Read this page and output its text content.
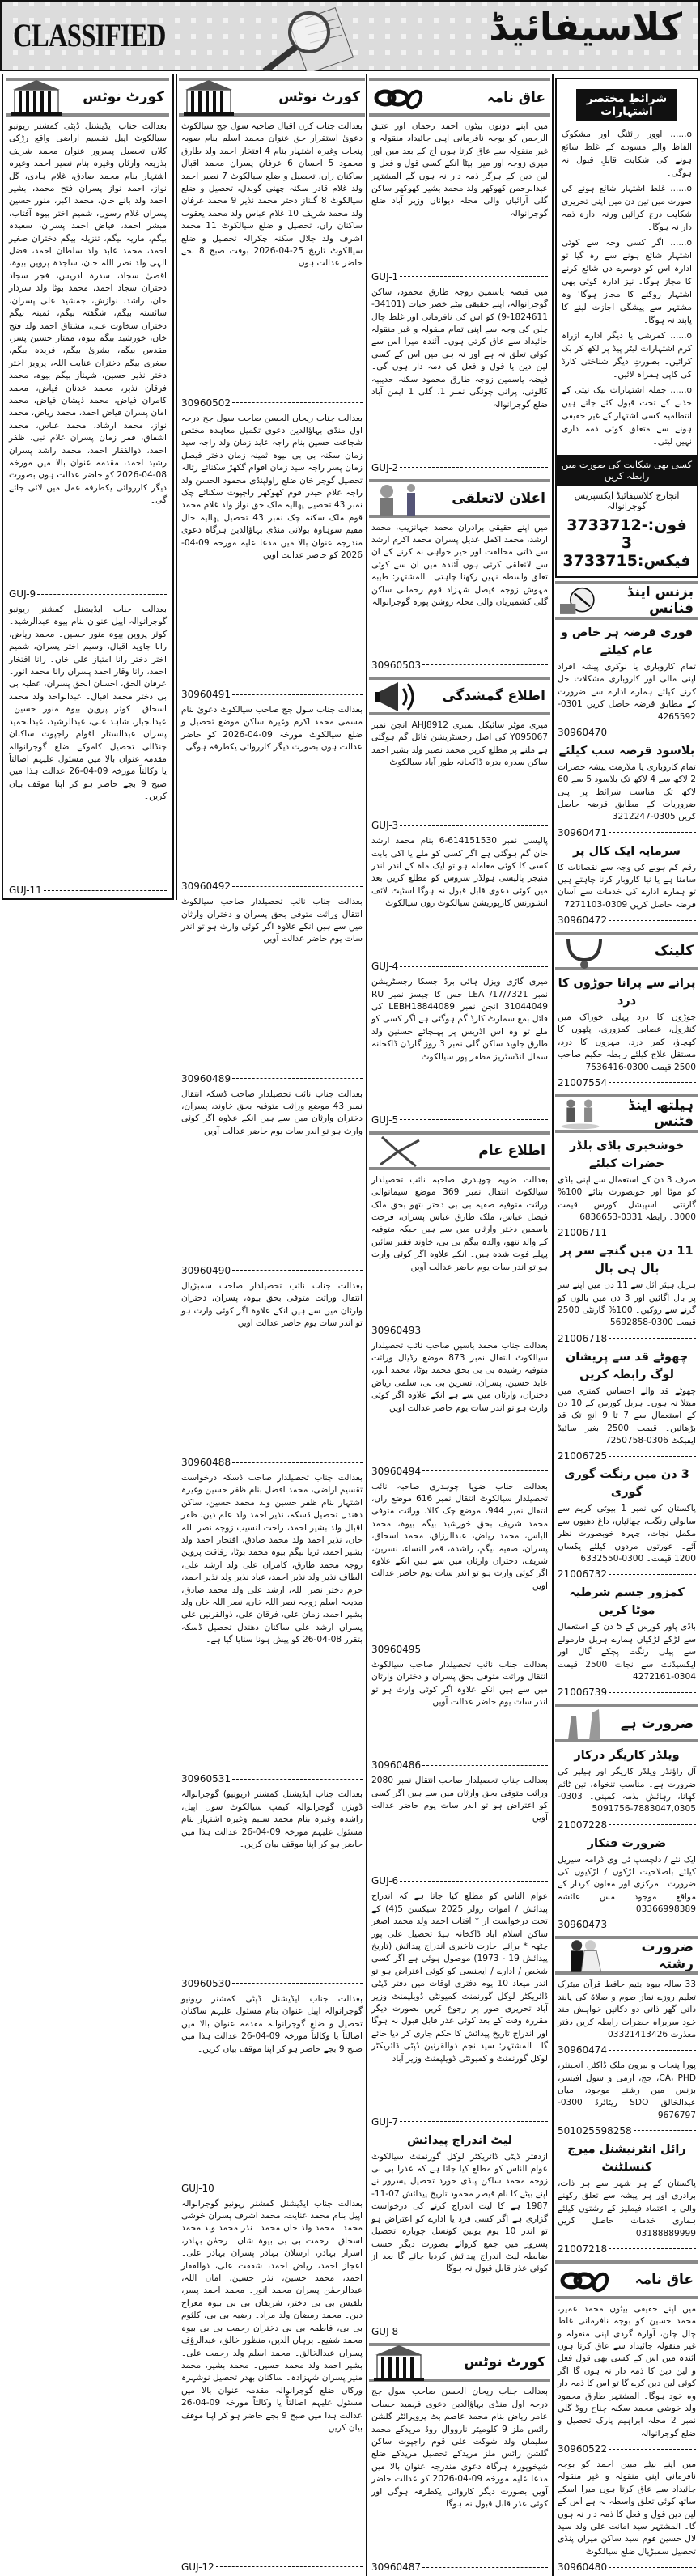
CLASSIFIED	کلاسیفائیڈ
کورٹ نوٹس
بعدالت جناب ایڈیشنل ڈپٹی کمشنر ریونیو سیالکوٹ اپیل تقسیم اراضی واقع رڑکی کلاں تحصیل پسرور عنوان محمد شریف بذریعہ وارثان وغیرہ بنام نصیر احمد وغیرہ اشتہار بنام محمد صادق، غلام ہادی، گل نواز، احمد نواز پسران فتح محمد، بشیر احمد ولد بانے خان، محمد اکبر، منور حسین پسران غلام رسول، شمیم اختر بیوہ آفتاب، مبشر احمد، فیاض احمد پسران، سعیدہ بیگم، ماریہ بیگم، تنزیلہ بیگم دختران صغیر احمد، محمد عابد ولد سلطان احمد، فضل الٰہی ولد نصر اللہ خان، ساجدہ پروین بیوہ، اقصیٰ سجاد، سدرہ ادریس، فجر سجاد دختران سجاد احمد، محمد بوٹا ولد سردار خان، راشد، نوازش، جمشید علی پسران، شائستہ بیگم، شگفتہ بیگم، ثمینہ بیگم دختران سخاوت علی، مشتاق احمد ولد فتح خان، خورشید بیگم بیوہ، ممتاز حسین پسر، مقدس بیگم، بشریٰ بیگم، فریدہ بیگم، صغریٰ بیگم دختران عنایت اللہ، پرویز اختر دختر نذیر حسین، شہناز بیگم بیوہ، محمد فرقان نذیر، محمد عدنان فیاض، محمد کامران فیاض، محمد ذیشان فیاض، محمد امان پسران فیاض احمد، محمد ریاض، محمد نواز، محمد ارشاد، محمد عباس، محمد اشفاق، قمر زمان پسران غلام نبی، ظفر احمد، ذوالفقار احمد، محمد راشد پسران رشید احمد، مقدمہ عنوان بالا میں مورخہ 08-04-2026 کو حاضر عدالت ہوں بصورت دیگر کارروائی یکطرفہ عمل میں لائی جائے گی۔
GUJ-9
بعدالت جناب ایڈیشنل کمشنر ریونیو گوجرانوالہ اپیل عنوان بنام بیوہ عبدالرشید۔ کوثر پروین بیوہ منور حسین۔ محمد ریاض، رانا جاوید اقبال، وسیم اختر پسران، شمیم اختر دختر رانا امتیاز علی خاں۔ رانا افتخار احمد، رانا وقار احمد پسران رانا محمد انور۔ عرفان الحق، احسان الحق پسران، عطیہ بی بی دختر محمد اقبال۔ عبدالواحد ولد محمد اسحاق۔ کوثر پروین بیوہ منور حسین۔ عبدالجبار، شاہد علی، عبدالرشید، عبدالحمید پسران عبدالستار اقوام راجپوت ساکنان چنڈالی تحصیل کاموکے ضلع گوجرانوالہ مقدمہ عنوان بالا میں مسئول علیہم اصالتاً یا وکالتاً مورخہ 09-04-26 عدالت ہذا میں صبح 9 بجے حاضر ہو کر اپنا موقف بیان کریں۔
GUJ-11
کورٹ نوٹس
بعدالت جناب کرن اقبال صاحبہ سول جج سیالکوٹ دعویٰ استقرار حق عنوان محمد اسلم بنام صوبہ پنجاب وغیرہ اشتہار بنام 4 افتخار احمد ولد طارق محمود 5 احسان 6 عرفان پسران محمد اقبال ساکنان راں، تحصیل و ضلع سیالکوٹ 7 نصیر احمد ولد غلام قادر سکنہ چھنی گوندل، تحصیل و ضلع سیالکوٹ 8 گلناز دختر محمد نذیر 9 محمد عرفان ولد محمد شریف 10 غلام عباس ولد محمد یعقوب ساکنان راں، تحصیل و ضلع سیالکوٹ 11 محمد اشرف ولد جلال سکنہ چکرالہ تحصیل و ضلع سیالکوٹ تاریخ 25-04-2026 بوقت صبح 8 بجے حاضر عدالت ہوں
30960502
بعدالت جناب ریحان الحسن صاحب سول جج درجہ اول منڈی بہاؤالدین دعوی تکمیل معاہدہ مختص شجاعت حسین بنام راجہ عابد زمان ولد راجہ سید زمان سکنہ بی بی بیوہ ثمینہ زمان دختر فیصل زمان پسر راجہ سید زمان اقوام گکھڑ سکنائے رتالہ تحصیل گوجر خان ضلع راولپنڈی محمود الحسن ولد راجہ غلام حیدر قوم کھوکھر راجپوت سکنائے چک نمبر 43 تحصیل پھالیہ ملک حق نواز ولد غلام محمد قوم ملک سکنہ چک نمبر 43 تحصیل پھالیہ حال مقیم سوہاوہ بولانی منڈی بہاؤالدین ہرگاہ دعوی مندرجہ عنوان بالا میں مدعا علیہ مورخہ 09-04-2026 کو حاضر عدالت آویں
30960491
بعدالت جناب سول جج صاحب سیالکوٹ دعویٰ بنام مسمی محمد اکرم وغیرہ ساکن موضع تحصیل و ضلع سیالکوٹ مورخہ 09-04-2026 کو حاضر عدالت ہوں بصورت دیگر کارروائی یکطرفہ ہوگی
30960492
بعدالت جناب نائب تحصیلدار صاحب سیالکوٹ انتقال وراثت متوفی بحق پسران و دختران وارثان میں سے ہیں انکے علاوہ اگر کوئی وارث ہو تو اندر سات یوم حاضر عدالت آویں
30960489
بعدالت جناب نائب تحصیلدار صاحب ڈسکہ انتقال نمبر 43 موضع وراثت متوفیہ بحق خاوند، پسران، دختران وارثان میں سے ہیں انکے علاوہ اگر کوئی وارث ہو تو اندر سات یوم حاضر عدالت آویں
30960490
بعدالت جناب نائب تحصیلدار صاحب سمبڑیال انتقال وراثت متوفی بحق بیوہ، پسران، دختران وارثان میں سے ہیں انکے علاوہ اگر کوئی وارث ہو تو اندر سات یوم حاضر عدالت آویں
30960488
بعدالت جناب تحصیلدار صاحب ڈسکہ درخواست تقسیم اراضی، محمد افضل بنام ظفر حسین وغیرہ اشتہار بنام ظفر حسین ولد محمد حسین، ساکن دھندل تحصیل ڈسکہ، نذیر احمد ولد علم دین، ظفر اقبال ولد بشیر احمد، راحت لنسیب زوجہ نصر اللہ خاں، نذیر احمد ولد محمد صادق، افتخار احمد ولد بشیر احمد، ثریا بیگم بیوہ محمد بوٹا، رفاقت پروین زوجہ محمد طارق، کامران علی ولد ارشد علی، الطاف نذیر ولد نذیر احمد، عباد نذیر ولد نذیر احمد، حرم دختر نصر اللہ، ارشد علی ولد محمد صادق، مدیحہ اسلم زوجہ نصر اللہ خاں، نصر اللہ خاں ولد بشیر احمد، زمان علی، فرقان علی، ذوالقرنین علی پسران ارشد علی ساکنان دھندل تحصیل ڈسکہ بتقرر 08-04-26 کو پیش ہونا سنایا گیا ہے۔
30960531
بعدالت جناب ایڈیشنل کمشنر (ریونیو) گوجرانوالہ ڈویژن گوجرانوالہ کیمپ سیالکوٹ سول اپیل، راشدہ وغیرہ بنام محمد سلیم وغیرہ اشتہار بنام مسئول علیہم مورخہ 09-04-26 عدالت ہذا میں حاضر ہو کر اپنا موقف بیان کریں۔
30960530
بعدالت جناب ایڈیشنل ڈپٹی کمشنر ریونیو گوجرانوالہ اپیل عنوان بنام مسئول علیہم ساکنان تحصیل و ضلع گوجرانوالہ مقدمہ عنوان بالا میں اصالتاً یا وکالتاً مورخہ 09-04-26 عدالت ہذا میں صبح 9 بجے حاضر ہو کر اپنا موقف بیان کریں۔
GUJ-10
بعدالت جناب ایڈیشنل کمشنر ریونیو گوجرانوالہ اپیل بنام محمد عنایت، محمد اشرف پسران خوشی محمد۔ محمد ولد خان محمد۔ نذر محمد ولد محمد اسحاق۔ رحمت بی بی بیوہ شان۔ رحمٰن بہادر، اسرار بہادر، ارسلان بہادر پسران بہادر علی۔ اعجاز احمد، ریاض احمد، شفقت علی، ذوالفقار احمد، محمد حسین، نذر حسین، امان اللہ، عبدالرحمٰن پسران محمد انور۔ محمد احمد پسر، بلقیس بی بی دختر، شریفاں بی بی بیوہ معراج دین۔ محمد رمضان ولد مراد۔ رضیہ بی بی، کلثوم بی بی، فاطمہ بی بی دختران رحمت بی بی بیوہ محمد شفیع۔ برہان الدین، منظور خالق، عبدالرؤف پسران عبدالخالق۔ محمد اسلم ولد رحمت علی۔ بشیر احمد ولد محمد حسین۔ محمد بشیر، محمد منیر پسران شہزادہ۔ ساکنان بھدر تحصیل نوشہرہ ورکاں ضلع گوجرانوالہ مقدمہ عنوان بالا میں مسئول علیہم اصالتاً یا وکالتاً مورخہ 09-04-26 عدالت ہذا میں صبح 9 بجے حاضر ہو کر اپنا موقف بیان کریں۔
GUJ-12
عاق نامہ
میں اپنے دونوں بیٹوں احمد رحمان اور عتیق الرحمن کو بوجہ نافرمانی اپنی جائیداد منقولہ و غیر منقولہ سے عاق کرتا ہوں آج کے بعد میں اور میری زوجہ اور میرا بیٹا انکے کسی قول و فعل و لین دین کے ہرگز ذمہ دار نہ ہوں گے المشتہر عبدالرحمن کھوکھر ولد محمد بشیر کھوکھر ساکن گلی آرائیاں والی محلہ دیواناں وزیر آباد ضلع گوجرانوالہ
GUJ-1
میں فیضہ یاسمین زوجہ طارق محمود، ساکن گوجرانوالہ، اپنے حقیقی بیٹے خضر حیات (34101-1824611-9) کو اس کی نافرمانی اور غلط چال چلن کی وجہ سے اپنی تمام منقولہ و غیر منقولہ جائیداد سے عاق کرتی ہوں۔ آئندہ میرا اس سے کوئی تعلق نہ ہے اور نہ ہی میں اس کے کسی لین دین یا قول و فعل کی ذمہ دار ہوں گی۔ فیضہ یاسمین زوجہ طارق محمود سکنہ حدیبیہ کالونی، پرانی چونگی نمبر 1، گلی 1 ایمن آباد ضلع گوجرانوالہ
GUJ-2
اعلان لاتعلقی
میں اپنے حقیقی برادران محمد جہانزیب، محمد ارشد، محمد اکمل عدیل پسران محمد اکرم ارشد سے ذاتی مخالفت اور خیر خواہی نہ کرنے کے ان سے لاتعلقی کرتی ہوں آئندہ میں ان سے کوئی تعلق واسطہ نہیں رکھنا چاہتی۔ المشتہر: طیبہ مہوش زوجہ فیصل شہزاد قوم رحمانی ساکن گلی کشمیریاں والی محلہ روشن پورہ گوجرانوالہ
30960503
اطلاع گمشدگی
میری موٹر سائیکل نمبری AHJ8912 انجن نمبر Y095067 کی اصل رجسٹریشن فائل گم ہوگئی ہے ملنے پر مطلع کریں محمد نصیر ولد بشیر احمد ساکن سدرہ بدرہ ڈاکخانہ طور آباد سیالکوٹ
GUJ-3
پالیسی نمبر 614151530-6 بنام محمد ارشد خان گم ہوگئی ہے اگر کسی کو ملے یا اکی بابت کسی کا کوئی معاملہ ہو تو ایک ماہ کے اندر اندر منیجر پالیسی ہولڈر سروس کو مطلع کریں بعد میں کوئی دعوی قابل قبول نہ ہوگا اسٹیٹ لائف انشورنس کارپوریشن سیالکوٹ زون سیالکوٹ
GUJ-4
میری گاڑی ویزل ہائی برڈ جسکا رجسٹریشن نمبر LEA /17/7321 جس کا چیسز نمبر RU 31044049 انجن نمبر LEBH18844089 کی فائل بمع سمارٹ کارڈ گم ہوگئی ہے اگر کسی کو ملے تو وہ اس اڈریس پر پہنچائے حسنین ولد طارق جاوید ساکن گلی نمبر 3 روز گارڈن ڈاکخانہ سمال انڈسٹریز مظفر پور سیالکوٹ
GUJ-5
اطلاع عام
بعدالت ضویہ چوہدری صاحبہ نائب تحصیلدار سیالکوٹ انتقال نمبر 369 موضع سیمانوالی وراثت متوفیہ صفیہ بی بی دختر نتھو بحق ملک فیصل عباس، ملک طارق عباس پسران، فرحت یاسمین دختر وارثان میں سے ہیں جبکہ متوفیہ کے والد نتھو، والدہ بیگم بی بی، خاوند فقیر سائیں پہلے فوت شدہ ہیں۔ انکے علاوہ اگر کوئی وارث ہو تو اندر سات یوم حاضر عدالت آویں
30960493
بعدالت جناب محمد یاسین صاحب نائب تحصیلدار سیالکوٹ انتقال نمبر 873 موضع رڈیال وراثت متوفیہ رشیدہ بی بی بحق محمد بوٹا، محمد انور، عابد حسین، پسران، نسرین بی بی، سلمیٰ ریاض دختران، وارثان میں سے ہے انکے علاوہ اگر کوئی وارث ہو تو اندر سات یوم حاضر عدالت آویں
30960494
بعدالت جناب ضویا چوہدری صاحبہ نائب تحصیلدار سیالکوٹ انتقال نمبر 616 موضع راں، انتقال نمبر 944، موضع چک کالا، وراثت متوفی محمد شریف بحق خورشید بیگم بیوہ، محمد الیاس، محمد ریاض، عبدالرزاق، محمد اسحاق، پسران، صفیہ بیگم، راشدہ، قمر النساء، نسرین، شریف، دختران وارثان میں سے ہیں انکے علاوہ اگر کوئی وارث ہو تو اندر سات یوم حاضر عدالت آویں
30960495
بعدالت جناب نائب تحصیلدار صاحب سیالکوٹ انتقال وراثت متوفی بحق پسران و دختران وارثان میں سے ہیں انکے علاوہ اگر کوئی وارث ہو تو اندر سات یوم حاضر عدالت آویں
30960486
بعدالت جناب تحصیلدار صاحب انتقال نمبر 2080 وراثت متوفی بحق وارثان میں سے ہیں اگر کسی کو اعتراض ہو تو اندر سات یوم حاضر عدالت آویں
GUJ-6
عوام الناس کو مطلع کیا جاتا ہے کہ اندراج پیدائش / اموات رولز 2025 سیکشن 5(4) کے تحت درخواست از * آفتاب احمد ولد محمد اصغر ساکن اسلام آباد ڈاکخانہ ہیڈ تحصیل علی پور چٹھہ * برائے اجازت تاخیری اندراج پیدائش (تاریخ پیدائش 19 - 1973) موصول ہوئی ہے اگر کسی شخص / ادارے / ایجنسی کو کوئی اعتراض ہو تو اندر میعاد 10 یوم دفتری اوقات میں دفتر ڈپٹی ڈائریکٹر لوکل گورنمنٹ کمیونٹی ڈویلپمنٹ وزیر آباد تحریری طور پر رجوع کریں بصورت دیگر مقررہ وقت کے بعد کوئی عذر قابل قبول نہ ہوگا اور اندراج تاریخ پیدائش کا حکم جاری کر دیا جائے گا۔ المشتہر: سید نجم ذوالقرنین ڈپٹی ڈائریکٹر لوکل گورنمنٹ و کمیونٹی ڈویلپمنٹ وزیر آباد
GUJ-7
لیٹ اندراج پیدائش
ازدفتر ڈپٹی ڈائریکٹر لوکل گورنمنٹ سیالکوٹ عوام الناس کو مطلع کیا جاتا ہے کہ عذرا بی بی زوجہ محمد ساکن پنڈی خورد تحصیل پسرور نے اپنے بیٹے کا نام قیصر محمود تاریخ پیدائش 07-11-1987 ہے کا لیٹ اندراج کرنے کی درخواست گزاری ہے اگر کسی فرد یا ادارے کو اعتراض ہو تو اندر 10 یوم یونین کونسل چوبارہ تحصیل پسرور میں جمع کروائے بصورت دیگر حسب ضابطہ لیٹ اندراج پیدائش کردیا جائے گا بعد از کوئی عذر قابل قبول نہ ہوگا
GUJ-8
کورٹ نوٹس
بعدالت جناب ریحان الحسن صاحب سول جج درجہ اول منڈی بہاؤالدین دعوی فہمید حساب عامر ریاض بنام محمد عاصم بٹ پروپرائٹر گلشن رائس ملز 9 کلومیٹر نارووال روڈ مریدکے محمد سلیمان ولد شوکت علی قوم راجپوت ساکن گلشن رائس ملز مریدکے تحصیل مریدکے ضلع شیخوپورہ ہرگاہ دعوی مندرجہ عنوان بالا میں مدعا علیہ مورخہ 09-04-2026 کو عدالت حاضر آویں بصورت دیگر کاروائی یکطرفہ ہوگی اور کوئی عذر قابل قبول نہ ہوگا
30960487
شرائطِ مختصر اشتہارات
o...... اوور رائٹنگ اور مشکوک الفاظ والے مسودے کے غلط شائع ہونے کی شکایت قابلِ قبول نہ ہوگی۔
o...... غلط اشتہار شائع ہونے کی صورت میں تین دن میں اپنی تحریری شکایت درج کرائیں ورنہ ادارہ ذمہ دار نہ ہوگا۔
o...... اگر کسی وجہ سے کوئی اشتہار شائع ہونے سے رہ گیا تو ادارہ اس کو دوسرے دن شائع کرنے کا مجاز ہوگا۔ نیز ادارہ کوئی بھی اشتہار روکنے کا مجاز ہوگا‘ وہ مشتہر سے پیشگی اجازت لینے کا پابند نہ ہوگا۔
o...... کمرشل یا دیگر ادارے ازراہ کرم اشتہارات لیٹر پیڈ پر لکھ کر بک کرائیں۔ بصورتِ دیگر شناختی کارڈ کی کاپی ہمراہ لائیں۔
o...... جملہ اشتہارات نیک نیتی کے جذبے کے تحت قبول کئے جاتے ہیں انتظامیہ کسی اشتہار کے غیر حقیقی ہونے سے متعلق کوئی ذمہ داری نہیں لیتی۔
کسی بھی شکایت کی صورت میں رابطہ کریں
انچارج کلاسیفائیڈ ایکسپریس گوجرانوالہ
فون:3733712-3
فیکس:3733715
بزنس اینڈ فنانس
فوری قرضہ ہر خاص و عام کیلئے
تمام کاروباری یا نوکری پیشہ افراد اپنی مالی اور کاروباری مشکلات حل کرنے کیلئے ہمارے ادارے سے ضرورت کے مطابق قرضہ حاصل کریں 0301-4265592
30960470
بلاسود قرضہ سب کیلئے
تمام کاروباری یا ملازمت پیشہ حضرات 2 لاکھ سے 4 لاکھ تک بلاسود 5 سے 60 لاکھ تک مناسب شرائط پر اپنی ضروریات کے مطابق قرضہ حاصل کریں 0305-3212247
30960471
سرمایہ ایک کال پر
رقم کم ہونے کی وجہ سے نقصانات کا سامنا ہے یا نیا کاروبار کرنا چاہتے ہیں تو ہمارے ادارے کی خدمات سے آسان قرضہ حاصل کریں 0309-7271103
30960472
کلینک
پرانے سے پرانا جوڑوں کا درد
جوڑوں کا درد پہلی خوراک میں کنٹرول، عصابی کمزوری، پٹھوں کا کھچاؤ، کمر درد، مہروں کا درد، مستقل علاج کیلئے رابطہ حکیم صاحب 2500 قیمت 0300-7536416
21007554
ہیلتھ اینڈ فٹنس
خوشخبری باڈی بلڈر حضرات کیلئے
صرف 3 دن کے استعمال سے اپنی باڈی کو موٹا اور خوبصورت بنائے 100% گارنٹی۔ اسپیشل کورس۔ قیمت 3000۔ رابطہ 0331-6836653
21006711
11 دن میں گنجے سر پر بال ہی بال
ہربل ہیئر آئل سے 11 دن میں اپنے سر پر بال اگائیں اور 3 دن میں بالوں کو گرنے سے روکیں۔ 100% گارنٹی 2500 قیمت 0300-5692858
21006718
چھوٹے قد سے پریشان لوگ رابطہ کریں
چھوٹے قد والے احساس کمتری میں مبتلا نہ ہوں۔ ہربل کورس کے 10 دن کے استعمال سے 7 تا 9 انچ تک قد بڑھائیں۔ قیمت 2500 بغیر سائیڈ ایفیکٹ 0306-7250758
21006725
3 دن میں رنگت گوری گوری
پاکستان کی نمبر 1 بیوٹی کریم سے سانولی رنگت، چھائیاں، داغ دھبوں سے مکمل نجات، چہرہ خوبصورت نظر آئے۔ عورتوں مردوں کیلئے یکساں 1200 قیمت۔ 0300-6332550
21006732
کمزور جسم شرطیہ موٹا کریں
باڈی پاور کورس کے 5 دن کے استعمال سے لڑکے لڑکیاں ہمارے ہربل فارمولے سے پیلی رنگت پچکے گال اور ایکسیڈنٹ سے نجات 2500 قیمت 0304-4272161
21006739
ضرورت ہے
ویلڈر کاریگر درکار
آل راؤنڈر ویلڈر کاریگر اور ہیلپر کی ضرورت ہے۔ مناسب تنخواہ، تین ٹائم کھانا، رہائش بذمہ کمپنی۔ 0303-7883047,0305-5091756
21007228
ضرورت فنکار
ایک نئے / دلچسپ ٹی وی ڈرامہ سیریل کیلئے باصلاحیت لڑکوں / لڑکیوں کی ضرورت۔ مرکزی اور معاون کردار کے مواقع موجود مس عائشہ 03366998389
30960473
ضرورت رشتہ
33 سالہ بیوہ یتیم حافظ قرآن میٹرک تعلیم روزے نماز صوم و صلاۃ کی پابند ذاتی گھر ذاتی دو دکانیں خواہش مند خود سربراہ حضرات رابطہ کریں دفتر معذرت 03321413426
30960474
پورا پنجاب و بیرون ملک ڈاکٹر، انجینئر، CA، PHD، جج، آرمی و سول آفیسر، بزنس مین رشتے موجود، میاں عبدالخالق SDO ریٹائرڈ 0300-9676797
501025598258
رائل انٹرنیشنل میرج کنسلٹنٹ
پاکستان کے ہر شہر سے ہر ذات، برادری اور ہر پیشہ سے تعلق رکھنے والی با اعتماد فیملیز کے رشتوں کیلئے ہماری خدمات حاصل کریں 03188889999
21007218
عاق نامہ
میں اپنے حقیقی بیٹوں محمد عمیر، محمد حسین کو بوجہ نافرمانی غلط چال چلن، آوارہ گردی اپنی منقولہ و غیر منقولہ جائیداد سے عاق کرتا ہوں آئندہ میں اس کے کسی بھی قول فعل و لین دین کا ذمہ دار نہ ہوں گا اگر کوئی لین دین کرے گا تو اس کا ذمہ دار وہ خود ہوگا۔ المشتہر طارق محمود ولد خوشی محمد سکنہ جناح روڈ گلی نمبر 2 محلہ ابراہیم پارک تحصیل و ضلع گوجرانوالہ
30960522
میں اپنے بیٹے مبین احمد کو بوجہ نافرمانی اپنی منقولہ و غیر منقولہ جائیداد سے عاق کرتا ہوں میرا اسکے ساتھ کوئی تعلق واسطہ نہ ہے اس کے لین دین قول و فعل کا ذمہ دار نہ ہوں گا۔ المشتہر سید امانت علی ولد سید لال حسین قوم سید ساکن میراں پنڈی تحصیل سمبڑیال ضلع سیالکوٹ
30960480
